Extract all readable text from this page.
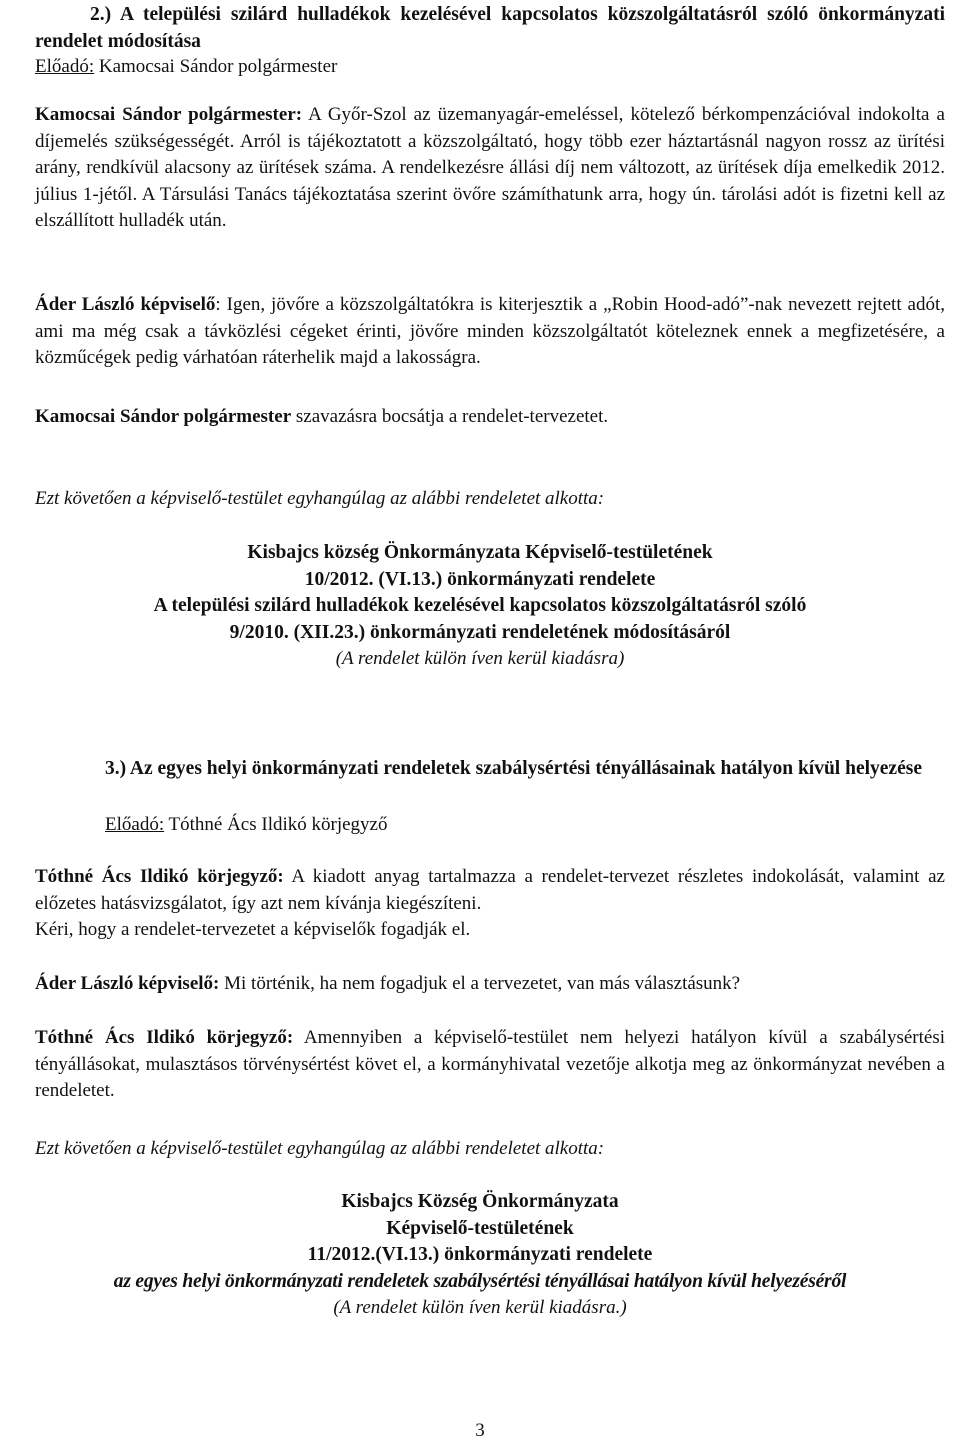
2.) A települési szilárd hulladékok kezelésével kapcsolatos közszolgáltatásról szóló önkormányzati rendelet módosítása

Előadó: Kamocsai Sándor polgármester

Kamocsai Sándor polgármester: A Győr-Szol az üzemanyagár-emeléssel, kötelező bérkompenzációval indokolta a díjemelés szükségességét. Arról is tájékoztatott a közszolgáltató, hogy több ezer háztartásnál nagyon rossz az ürítési arány, rendkívül alacsony az ürítések száma. A rendelkezésre állási díj nem változott, az ürítések díja emelkedik 2012. július 1-jétől. A Társulási Tanács tájékoztatása szerint övőre számíthatunk arra, hogy ún. tárolási adót is fizetni kell az elszállított hulladék után.

Áder László képviselő: Igen, jövőre a közszolgáltatókra is kiterjesztik a „Robin Hood-adó”-nak nevezett rejtett adót, ami ma még csak a távközlési cégeket érinti, jövőre minden közszolgáltatót köteleznek ennek a megfizetésére, a közműcégek pedig várhatóan ráterhelik majd a lakosságra.

Kamocsai Sándor polgármester szavazásra bocsátja a rendelet-tervezetet.

Ezt követően a képviselő-testület egyhangúlag az alábbi rendeletet alkotta:

Kisbajcs község Önkormányzata Képviselő-testületének

10/2012. (VI.13.) önkormányzati rendelete

A települési szilárd hulladékok kezelésével kapcsolatos közszolgáltatásról szóló

9/2010. (XII.23.) önkormányzati rendeletének módosításáról

(A rendelet külön íven kerül kiadásra)

3.) Az egyes helyi önkormányzati rendeletek szabálysértési tényállásainak hatályon kívül helyezése

Előadó: Tóthné Ács Ildikó körjegyző

Tóthné Ács Ildikó körjegyző: A kiadott anyag tartalmazza a rendelet-tervezet részletes indokolását, valamint az előzetes hatásvizsgálatot, így azt nem kívánja kiegészíteni.

Kéri, hogy a rendelet-tervezetet a képviselők fogadják el.

Áder László képviselő: Mi történik, ha nem fogadjuk el a tervezetet, van más választásunk?

Tóthné Ács Ildikó körjegyző: Amennyiben a képviselő-testület nem helyezi hatályon kívül a szabálysértési tényállásokat, mulasztásos törvénysértést követ el, a kormányhivatal vezetője alkotja meg az önkormányzat nevében a rendeletet.

Ezt követően a képviselő-testület egyhangúlag az alábbi rendeletet alkotta:

Kisbajcs Község Önkormányzata

Képviselő-testületének

11/2012.(VI.13.) önkormányzati rendelete

az egyes helyi önkormányzati rendeletek szabálysértési tényállásai hatályon kívül helyezéséről

(A rendelet külön íven kerül kiadásra.)

3
